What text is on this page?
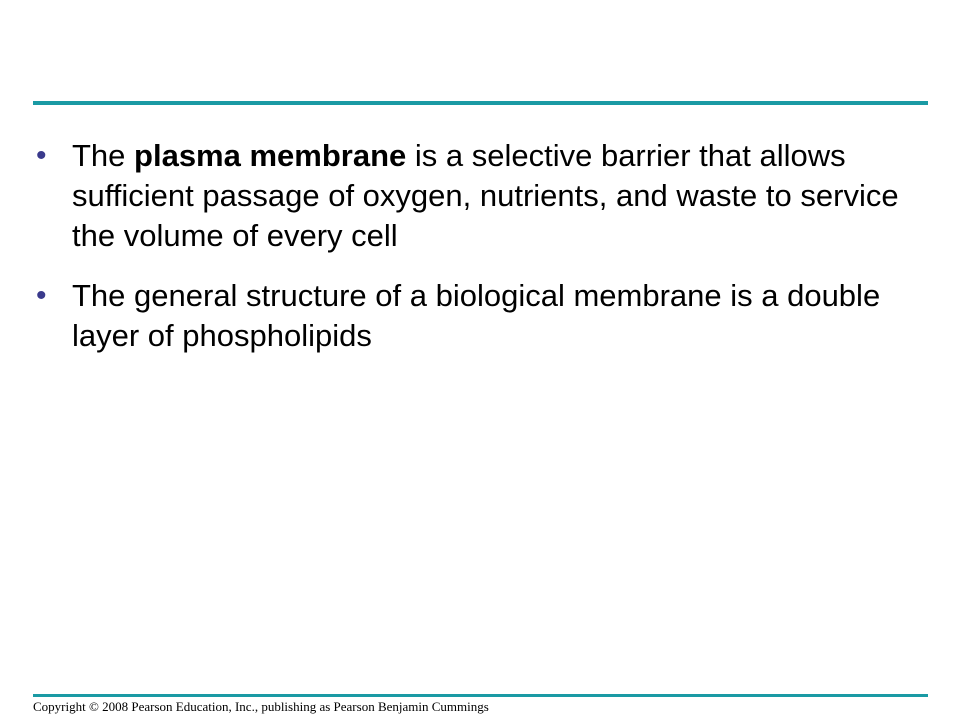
• The plasma membrane is a selective barrier that allows sufficient passage of oxygen, nutrients, and waste to service the volume of every cell
• The general structure of a biological membrane is a double layer of phospholipids
Copyright © 2008 Pearson Education, Inc., publishing as Pearson Benjamin Cummings
